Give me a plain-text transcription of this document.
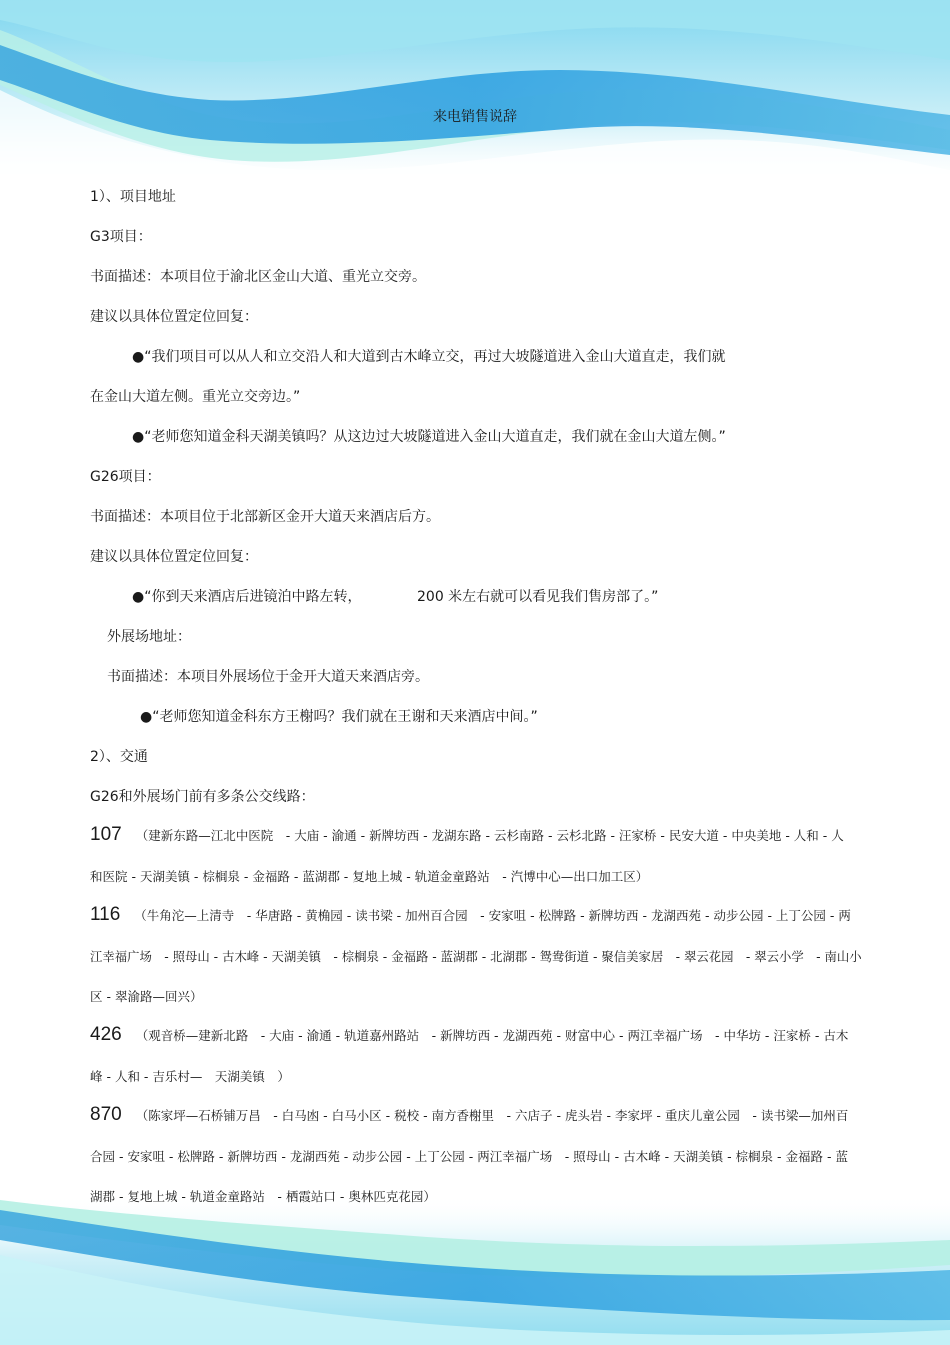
来电销售说辞
1）、项目地址
G3项目：
书面描述：本项目位于渝北区金山大道、重光立交旁。
建议以具体位置定位回复：
●“我们项目可以从人和立交沿人和大道到古木峰立交，再过大坡隧道进入金山大道直走，我们就
在金山大道左侧。重光立交旁边。”
●“老师您知道金科天湖美镇吗？从这边过大坡隧道进入金山大道直走，我们就在金山大道左侧。”
G26项目：
书面描述：本项目位于北部新区金开大道天来酒店后方。
建议以具体位置定位回复：
●“你到天来酒店后进镜泊中路左转，	200 米左右就可以看见我们售房部了。”
外展场地址：
书面描述：本项目外展场位于金开大道天来酒店旁。
●“老师您知道金科东方王榭吗？我们就在王谢和天来酒店中间。”
2）、交通
G26和外展场门前有多条公交线路：
107 （建新东路—江北中医院　- 大庙 - 渝通 - 新牌坊西 - 龙湖东路 - 云杉南路 - 云杉北路 - 汪家桥 - 民安大道 - 中央美地 - 人和 - 人
和医院 - 天湖美镇 - 棕榈泉 - 金福路 - 蓝湖郡 - 复地上城 - 轨道金童路站　- 汽博中心—出口加工区）
116 （牛角沱—上清寺　- 华唐路 - 黄桷园 - 读书梁 - 加州百合园　- 安家咀 - 松牌路 - 新牌坊西 - 龙湖西苑 - 动步公园 - 上丁公园 - 两
江幸福广场　- 照母山 - 古木峰 - 天湖美镇　- 棕榈泉 - 金福路 - 蓝湖郡 - 北湖郡 - 鸳鸯街道 - 聚信美家居　- 翠云花园　- 翠云小学　- 南山小
区 - 翠渝路—回兴）
426 （观音桥—建新北路　- 大庙 - 渝通 - 轨道嘉州路站　- 新牌坊西 - 龙湖西苑 - 财富中心 - 两江幸福广场　- 中华坊 - 汪家桥 - 古木
峰 - 人和 - 吉乐村—　天湖美镇　）
870 （陈家坪—石桥铺万昌　- 白马凼 - 白马小区 - 税校 - 南方香榭里　- 六店子 - 虎头岩 - 李家坪 - 重庆儿童公园　- 读书梁—加州百
合园 - 安家咀 - 松牌路 - 新牌坊西 - 龙湖西苑 - 动步公园 - 上丁公园 - 两江幸福广场　- 照母山 - 古木峰 - 天湖美镇 - 棕榈泉 - 金福路 - 蓝
湖郡 - 复地上城 - 轨道金童路站　- 栖霞站口 - 奥林匹克花园）
